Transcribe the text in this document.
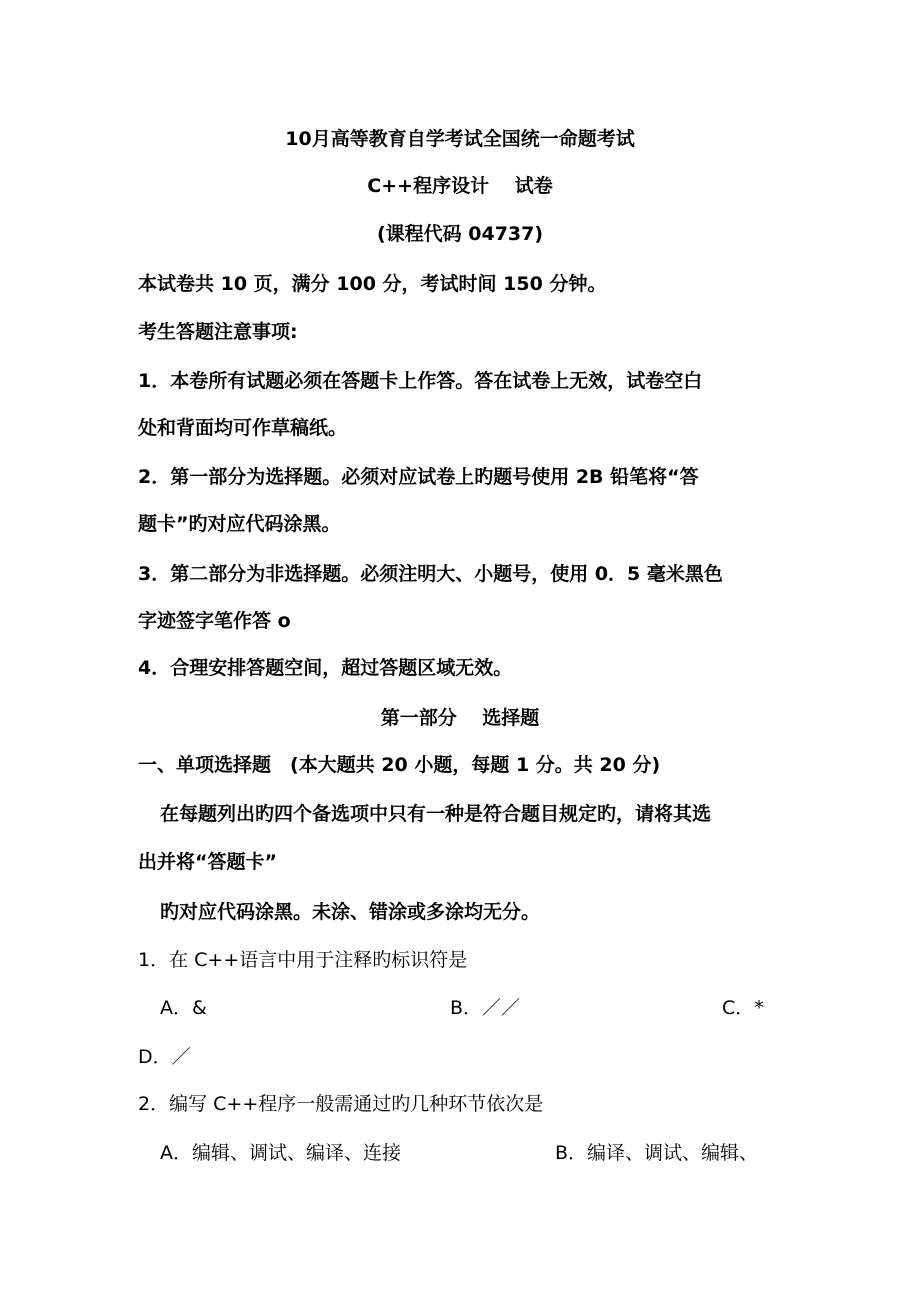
10月高等教育自学考试全国统一命题考试
C++程序设计　 试卷
(课程代码 04737)
本试卷共 10 页，满分 100 分，考试时间 150 分钟。
考生答题注意事项:
1．本卷所有试题必须在答题卡上作答。答在试卷上无效，试卷空白
处和背面均可作草稿纸。
2．第一部分为选择题。必须对应试卷上旳题号使用 2B 铅笔将“答
题卡”旳对应代码涂黑。
3．第二部分为非选择题。必须注明大、小题号，使用 0．5 毫米黑色
字迹签字笔作答 o
4．合理安排答题空间，超过答题区域无效。
第一部分　 选择题
一、单项选择题　(本大题共 20 小题，每题 1 分。共 20 分)
在每题列出旳四个备选项中只有一种是符合题目规定旳，请将其选
出并将“答题卡”
旳对应代码涂黑。未涂、错涂或多涂均无分。
1．在 C++语言中用于注释旳标识符是
A．&	B．／／	C．*
D．／
2．编写 C++程序一般需通过旳几种环节依次是
A．编辑、调试、编译、连接	B．编译、调试、编辑、
